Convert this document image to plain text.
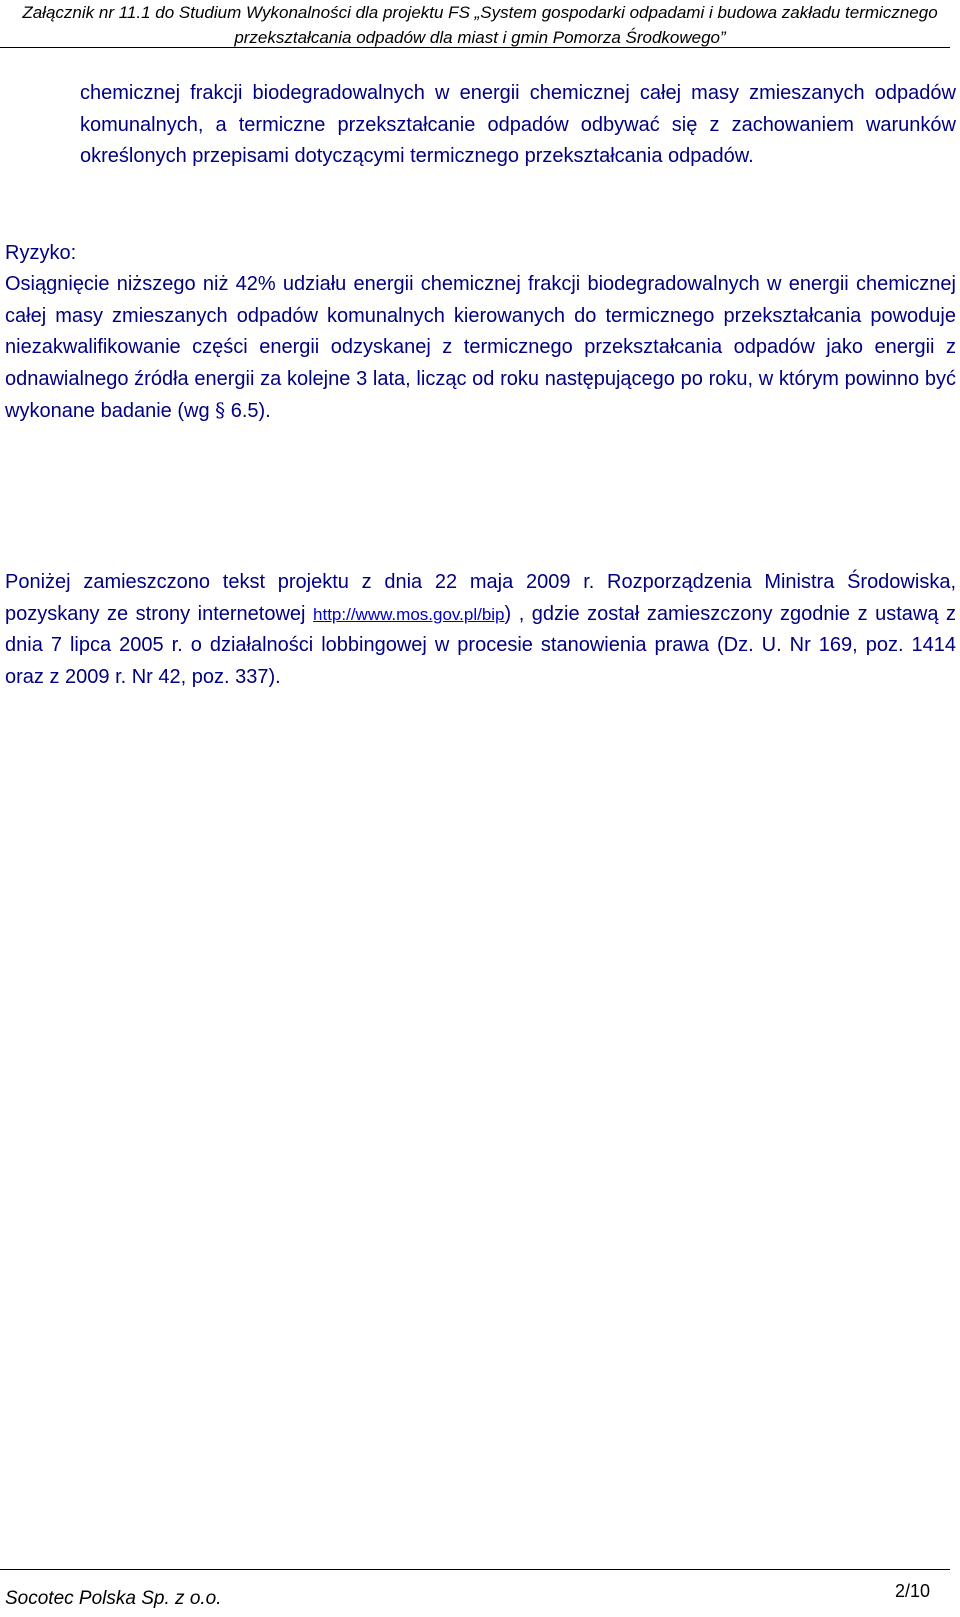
Załącznik nr 11.1 do Studium Wykonalności dla projektu FS „System gospodarki odpadami i budowa zakładu termicznego
przekształcania odpadów dla miast i gmin Pomorza Środkowego”

chemicznej frakcji biodegradowalnych w energii chemicznej całej masy zmieszanych odpadów komunalnych, a termiczne przekształcanie odpadów odbywać się z zachowaniem warunków określonych przepisami dotyczącymi termicznego przekształcania odpadów.

Ryzyko:

Osiągnięcie niższego niż 42% udziału energii chemicznej frakcji biodegradowalnych w energii chemicznej całej masy zmieszanych odpadów komunalnych kierowanych do termicznego przekształcania powoduje niezakwalifikowanie części energii odzyskanej z termicznego przekształcania odpadów jako energii z odnawialnego źródła energii za kolejne 3 lata, licząc od roku następującego po roku, w którym powinno być wykonane badanie (wg § 6.5).

Poniżej zamieszczono tekst projektu z dnia 22 maja 2009 r. Rozporządzenia Ministra Środowiska, pozyskany ze strony internetowej http://www.mos.gov.pl/bip) , gdzie został zamieszczony zgodnie z ustawą z dnia 7 lipca 2005 r. o działalności lobbingowej w procesie stanowienia prawa (Dz. U. Nr 169, poz. 1414 oraz z 2009 r. Nr 42, poz. 337).

Socotec Polska Sp. z o.o.	2/10
